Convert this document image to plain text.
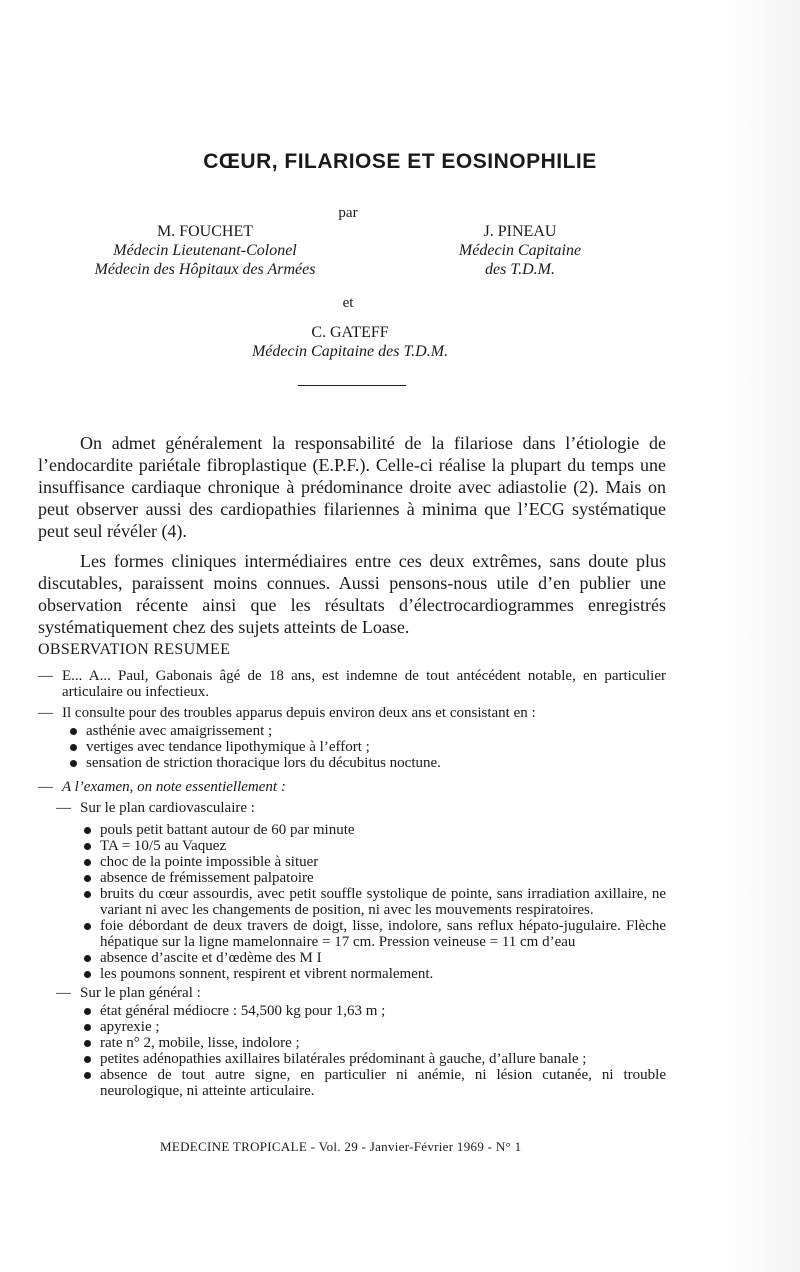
CŒUR, FILARIOSE ET EOSINOPHILIE
par
M. FOUCHET
Médecin Lieutenant-Colonel
Médecin des Hôpitaux des Armées
J. PINEAU
Médecin Capitaine
des T.D.M.
et
C. GATEFF
Médecin Capitaine des T.D.M.

On admet généralement la responsabilité de la filariose dans l’étiologie de l’endocardite pariétale fibroplastique (E.P.F.). Celle-ci réalise la plupart du temps une insuffisance cardiaque chronique à prédominance droite avec adiastolie (2). Mais on peut observer aussi des cardiopathies filariennes à minima que l’ECG systématique peut seul révéler (4).

Les formes cliniques intermédiaires entre ces deux extrêmes, sans doute plus discutables, paraissent moins connues. Aussi pensons-nous utile d’en publier une observation récente ainsi que les résultats d’électrocardiogrammes enregistrés systématiquement chez des sujets atteints de Loase.

OBSERVATION RESUMEE
— E... A... Paul, Gabonais âgé de 18 ans, est indemne de tout antécédent notable, en particulier articulaire ou infectieux.
— Il consulte pour des troubles apparus depuis environ deux ans et consistant en :
asthénie avec amaigrissement ;
vertiges avec tendance lipothymique à l’effort ;
sensation de striction thoracique lors du décubitus noctune.
— A l’examen, on note essentiellement :
— Sur le plan cardiovasculaire :
pouls petit battant autour de 60 par minute
TA = 10/5 au Vaquez
choc de la pointe impossible à situer
absence de frémissement palpatoire
bruits du cœur assourdis, avec petit souffle systolique de pointe, sans irradiation axillaire, ne variant ni avec les changements de position, ni avec les mouvements respiratoires.
foie débordant de deux travers de doigt, lisse, indolore, sans reflux hépato-jugulaire. Flèche hépatique sur la ligne mamelonnaire = 17 cm. Pression veineuse = 11 cm d’eau
absence d’ascite et d’œdème des M I
les poumons sonnent, respirent et vibrent normalement.
— Sur le plan général :
état général médiocre : 54,500 kg pour 1,63 m ;
apyrexie ;
rate n° 2, mobile, lisse, indolore ;
petites adénopathies axillaires bilatérales prédominant à gauche, d’allure banale ;
absence de tout autre signe, en particulier ni anémie, ni lésion cutanée, ni trouble neurologique, ni atteinte articulaire.
MEDECINE TROPICALE - Vol. 29 - Janvier-Février 1969 - N° 1
